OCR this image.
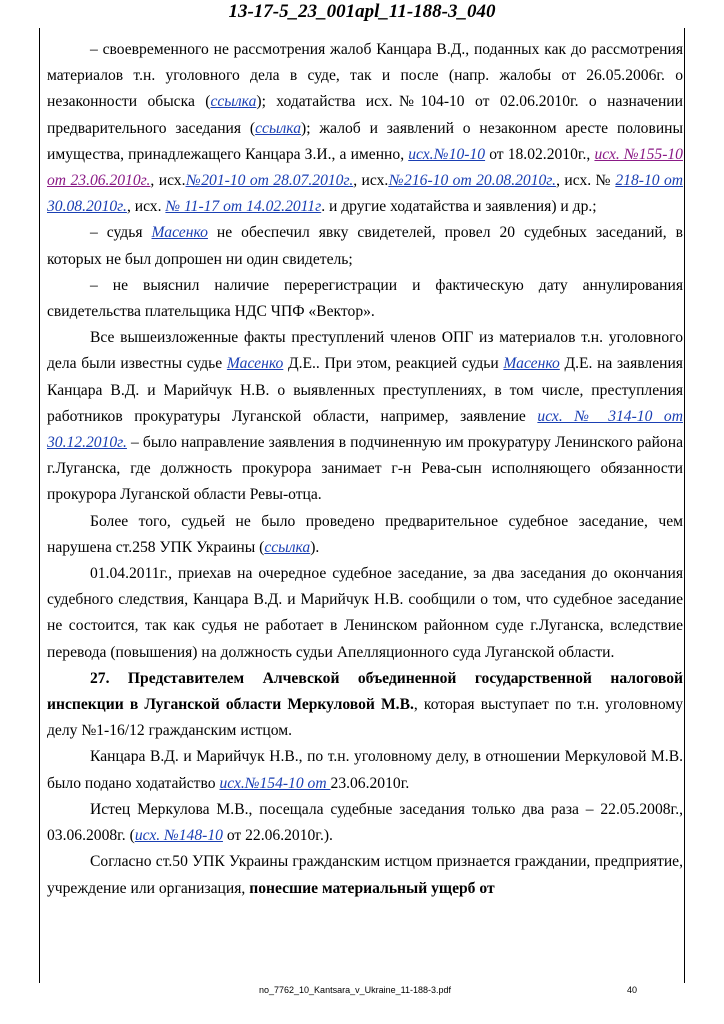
13-17-5_23_001apl_11-188-3_040

– своевременного не рассмотрения жалоб Канцара В.Д., поданных как до рассмотрения материалов т.н. уголовного дела в суде, так и после (напр. жалобы от 26.05.2006г. о незаконности обыска (ссылка); ходатайства исх.№104-10 от 02.06.2010г. о назначении предварительного заседания (ссылка); жалоб и заявлений о незаконном аресте половины имущества, принадлежащего Канцара З.И., а именно, исх.№10-10 от 18.02.2010г., исх. №155-10 от 23.06.2010г., исх.№201-10 от 28.07.2010г., исх.№216-10 от 20.08.2010г., исх. № 218-10 от 30.08.2010г., исх. № 11-17 от 14.02.2011г. и другие ходатайства и заявления) и др.;

– судья Масенко не обеспечил явку свидетелей, провел 20 судебных заседаний, в которых не был допрошен ни один свидетель;

– не выяснил наличие перерегистрации и фактическую дату аннулирования свидетельства плательщика НДС ЧПФ «Вектор».

Все вышеизложенные факты преступлений членов ОПГ из материалов т.н. уголовного дела были известны судье Масенко Д.Е.. При этом, реакцией судьи Масенко Д.Е. на заявления Канцара В.Д. и Марийчук Н.В. о выявленных преступлениях, в том числе, преступления работников прокуратуры Луганской области, например, заявление исх. № 314-10 от 30.12.2010г. – было направление заявления в подчиненную им прокуратуру Ленинского района г.Луганска, где должность прокурора занимает г-н Рева-сын исполняющего обязанности прокурора Луганской области Ревы-отца.

Более того, судьей не было проведено предварительное судебное заседание, чем нарушена ст.258 УПК Украины (ссылка).

01.04.2011г., приехав на очередное судебное заседание, за два заседания до окончания судебного следствия, Канцара В.Д. и Марийчук Н.В. сообщили о том, что судебное заседание не состоится, так как судья не работает в Ленинском районном суде г.Луганска, вследствие перевода (повышения) на должность судьи Апелляционного суда Луганской области.

27. Представителем Алчевской объединенной государственной налоговой инспекции в Луганской области Меркуловой М.В., которая выступает по т.н. уголовному делу №1-16/12 гражданским истцом.

Канцара В.Д. и Марийчук Н.В., по т.н. уголовному делу, в отношении Меркуловой М.В. было подано ходатайство исх.№154-10 от 23.06.2010г.

Истец Меркулова М.В., посещала судебные заседания только два раза – 22.05.2008г., 03.06.2008г. (исх. №148-10 от 22.06.2010г.).

Согласно ст.50 УПК Украины гражданским истцом признается граждании, предприятие, учреждение или организация, понесшие материальный ущерб от

no_7762_10_Kantsara_v_Ukraine_11-188-3.pdf	40
